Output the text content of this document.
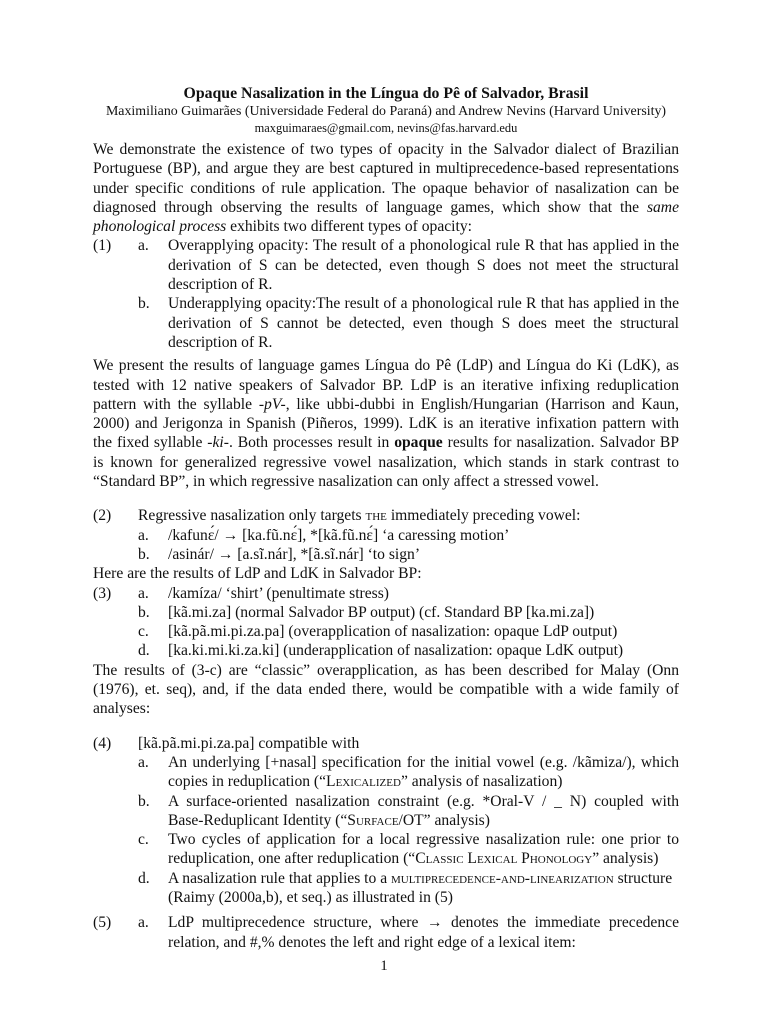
Opaque Nasalization in the Língua do Pê of Salvador, Brasil
Maximiliano Guimarães (Universidade Federal do Paraná) and Andrew Nevins (Harvard University)
maxguimaraes@gmail.com, nevins@fas.harvard.edu

We demonstrate the existence of two types of opacity in the Salvador dialect of Brazilian Portuguese (BP), and argue they are best captured in multiprecedence-based representations under specific conditions of rule application. The opaque behavior of nasalization can be diagnosed through observing the results of language games, which show that the same phonological process exhibits two different types of opacity:

(1)	a.	Overapplying opacity: The result of a phonological rule R that has applied in the derivation of S can be detected, even though S does not meet the structural description of R.
b.	Underapplying opacity:The result of a phonological rule R that has applied in the derivation of S cannot be detected, even though S does meet the structural description of R.

We present the results of language games Língua do Pê (LdP) and Língua do Ki (LdK), as tested with 12 native speakers of Salvador BP. LdP is an iterative infixing reduplication pattern with the syllable -pV-, like ubbi-dubbi in English/Hungarian (Harrison and Kaun, 2000) and Jerigonza in Spanish (Piñeros, 1999). LdK is an iterative infixation pattern with the fixed syllable -ki-. Both processes result in opaque results for nasalization. Salvador BP is known for generalized regressive vowel nasalization, which stands in stark contrast to “Standard BP”, in which regressive nasalization can only affect a stressed vowel.

(2)	Regressive nasalization only targets the immediately preceding vowel:
a.	/kafunɛ́/ → [ka.fũ.nɛ́], *[kã.fũ.nɛ́] ‘a caressing motion’
b.	/asinár/ → [a.sĩ.nár], *[ã.sĩ.nár] ‘to sign’

Here are the results of LdP and LdK in Salvador BP:

(3)	a.	/kamíza/ ‘shirt’ (penultimate stress)
b.	[kã.mi.za] (normal Salvador BP output) (cf. Standard BP [ka.mi.za])
c.	[kã.pã.mi.pi.za.pa] (overapplication of nasalization: opaque LdP output)
d.	[ka.ki.mi.ki.za.ki] (underapplication of nasalization: opaque LdK output)

The results of (3-c) are “classic” overapplication, as has been described for Malay (Onn (1976), et. seq), and, if the data ended there, would be compatible with a wide family of analyses:

(4)	[kã.pã.mi.pi.za.pa] compatible with
a.	An underlying [+nasal] specification for the initial vowel (e.g. /kãmiza/), which copies in reduplication (“Lexicalized” analysis of nasalization)
b.	A surface-oriented nasalization constraint (e.g. *Oral-V / _ N) coupled with Base-Reduplicant Identity (“Surface/OT” analysis)
c.	Two cycles of application for a local regressive nasalization rule: one prior to reduplication, one after reduplication (“Classic Lexical Phonology” analysis)
d.	A nasalization rule that applies to a multiprecedence-and-linearization structure (Raimy (2000a,b), et seq.) as illustrated in (5)
(5)	a.	LdP multiprecedence structure, where → denotes the immediate precedence relation, and #,% denotes the left and right edge of a lexical item:
1
